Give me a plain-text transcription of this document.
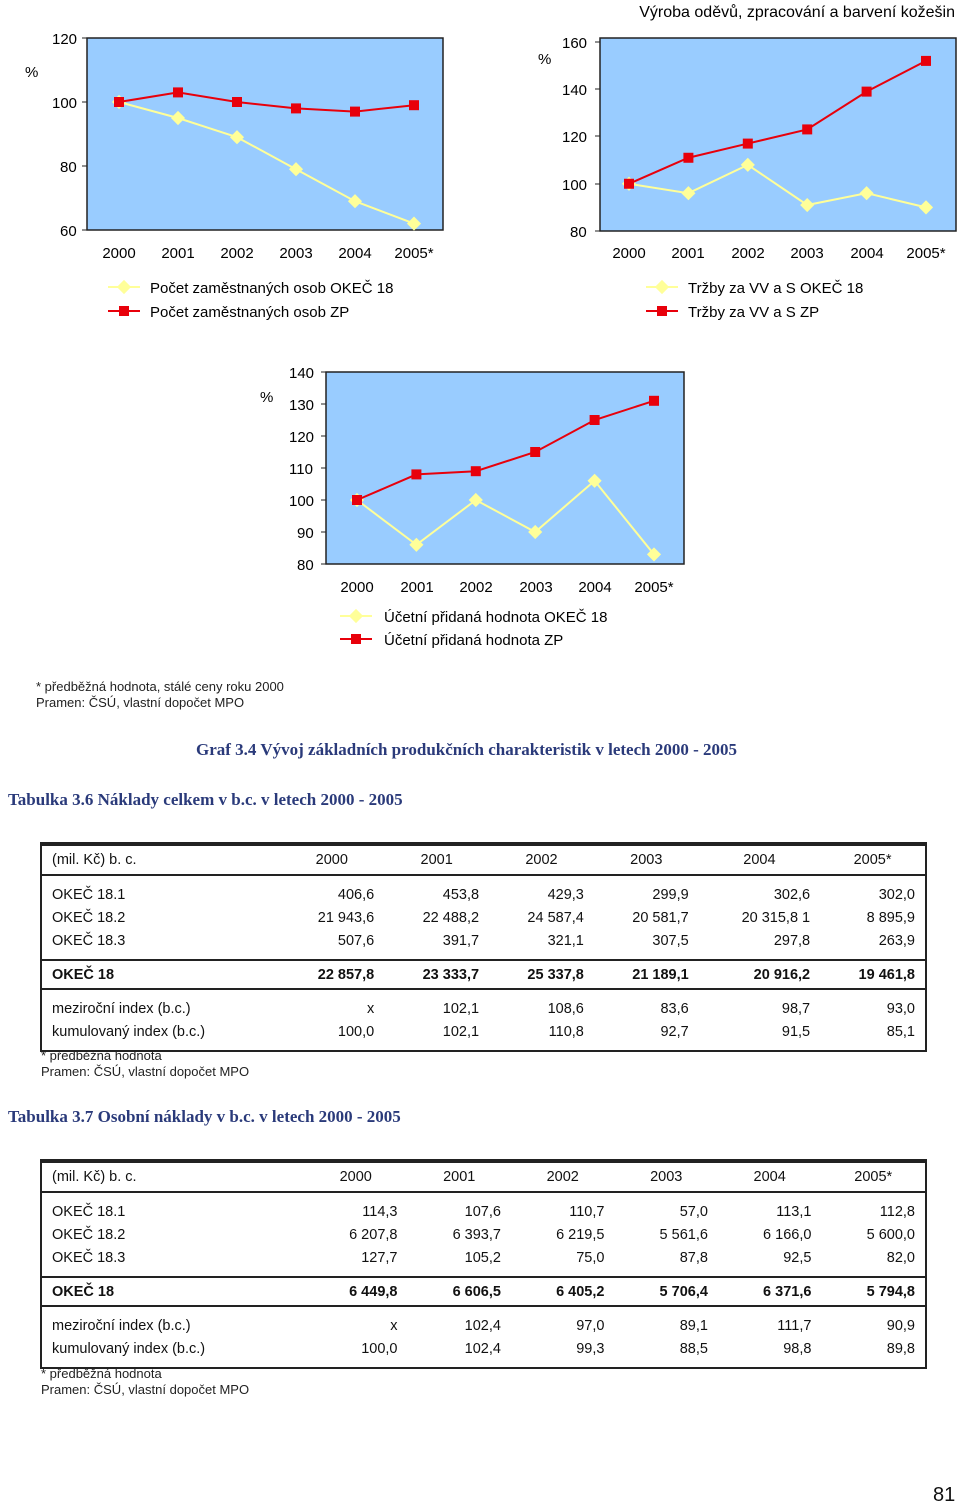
%
120
100
80
60
2000 2001 2002 2003 2004 2005*
Počet zaměstnaných osob OKEČ 18
Počet zaměstnaných osob ZP
Výroba oděvů, zpracování a barvení kožešin
%
160
140
120
100
80
2000 2001 2002 2003 2004 2005*
Tržby za VV a S OKEČ 18
Tržby za VV a S ZP
%
140
130
120
110
100
90
80
2000 2001 2002 2003 2004 2005*
Účetní přidaná hodnota OKEČ 18
Účetní přidaná hodnota ZP
* předběžná hodnota, stálé ceny roku 2000
Pramen: ČSÚ, vlastní dopočet MPO
Graf 3.4 Vývoj základních produkčních charakteristik v letech 2000 - 2005
Tabulka 3.6 Náklady celkem v b.c. v letech 2000 - 2005
(mil. Kč) b. c.	2000	2001	2002	2003	2004	2005*

OKEČ 18.1	406,6	453,8	429,3	299,9	302,6	302,0
OKEČ 18.2	21 943,6	22 488,2	24 587,4	20 581,7	20 315,8 1	8 895,9
OKEČ 18.3	507,6	391,7	321,1	307,5	297,8	263,9

OKEČ 18	22 857,8	23 333,7	25 337,8	21 189,1	20 916,2	19 461,8

meziroční index (b.c.)	x	102,1	108,6	83,6	98,7	93,0
kumulovaný index (b.c.)	100,0	102,1	110,8	92,7	91,5	85,1

* předběžná hodnota
Pramen: ČSÚ, vlastní dopočet MPO
Tabulka 3.7 Osobní náklady v b.c. v letech 2000 - 2005
(mil. Kč) b. c.	2000	2001	2002	2003	2004	2005*

OKEČ 18.1	114,3	107,6	110,7	57,0	113,1	112,8
OKEČ 18.2	6 207,8	6 393,7	6 219,5	5 561,6	6 166,0	5 600,0
OKEČ 18.3	127,7	105,2	75,0	87,8	92,5	82,0

OKEČ 18	6 449,8	6 606,5	6 405,2	5 706,4	6 371,6	5 794,8

meziroční index (b.c.)	x	102,4	97,0	89,1	111,7	90,9
kumulovaný index (b.c.)	100,0	102,4	99,3	88,5	98,8	89,8

* předběžná hodnota
Pramen: ČSÚ, vlastní dopočet MPO
81
